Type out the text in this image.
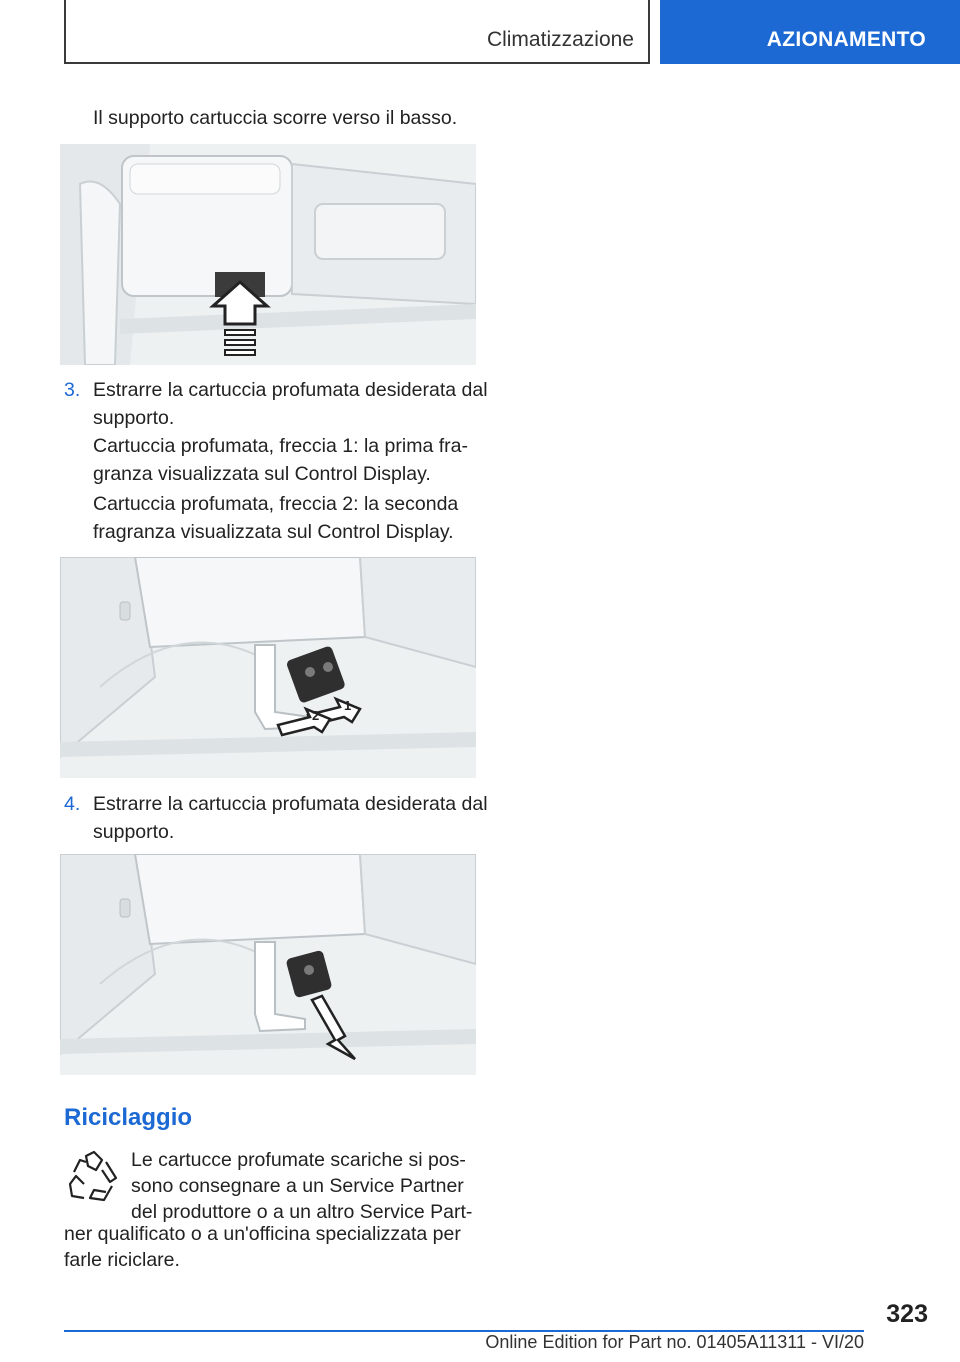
Climatizzazione	AZIONAMENTO
Il supporto cartuccia scorre verso il basso.
3. Estrarre la cartuccia profumata desiderata dal
supporto.
Cartuccia profumata, freccia 1: la prima fra‐
granza visualizzata sul Control Display.
Cartuccia profumata, freccia 2: la seconda
fragranza visualizzata sul Control Display.
1
2
4. Estrarre la cartuccia profumata desiderata dal
supporto.
Riciclaggio
Le cartucce profumate scariche si pos‐
sono consegnare a un Service Partner
del produttore o a un altro Service Part‐
ner qualificato o a un'officina specializzata per
farle riciclare.
323
Online Edition for Part no. 01405A11311 - VI/20
